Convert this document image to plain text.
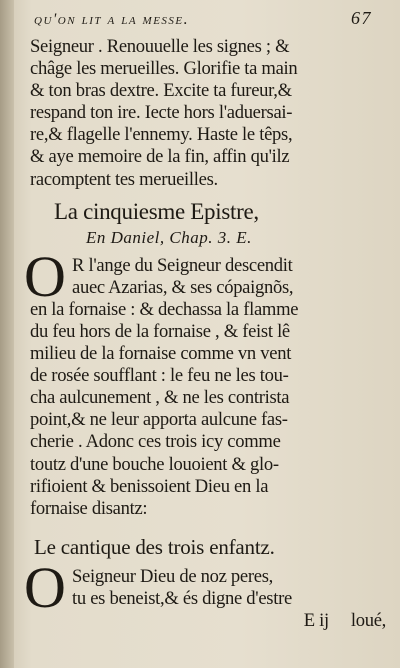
qu'on lit a la messe.	67
Seigneur . Renouuelle les signes ; &
châge les merueilles. Glorifie ta main
& ton bras dextre. Excite ta fureur,&
respand ton ire. Iecte hors l'aduersai-
re,& flagelle l'ennemy. Haste le têps,
& aye memoire de la fin, affin qu'ilz
racomptent tes merueilles.
La cinquiesme Epistre,
En Daniel, Chap. 3. E.
O R l'ange du Seigneur descendit
auec Azarias, & ses cópaignõs,
en la fornaise : & dechassa la flamme
du feu hors de la fornaise , & feist lê
milieu de la fornaise comme vn vent
de rosée soufflant : le feu ne les tou-
cha aulcunement , & ne les contrista
point,& ne leur apporta aulcune fas-
cherie . Adonc ces trois icy comme
toutz d'une bouche louoient & glo-
rifioient & benissoient Dieu en la
fornaise disantz:
Le cantique des trois enfantz.
O Seigneur Dieu de noz peres,
tu es beneist,& és digne d'estre
E ij loué,
